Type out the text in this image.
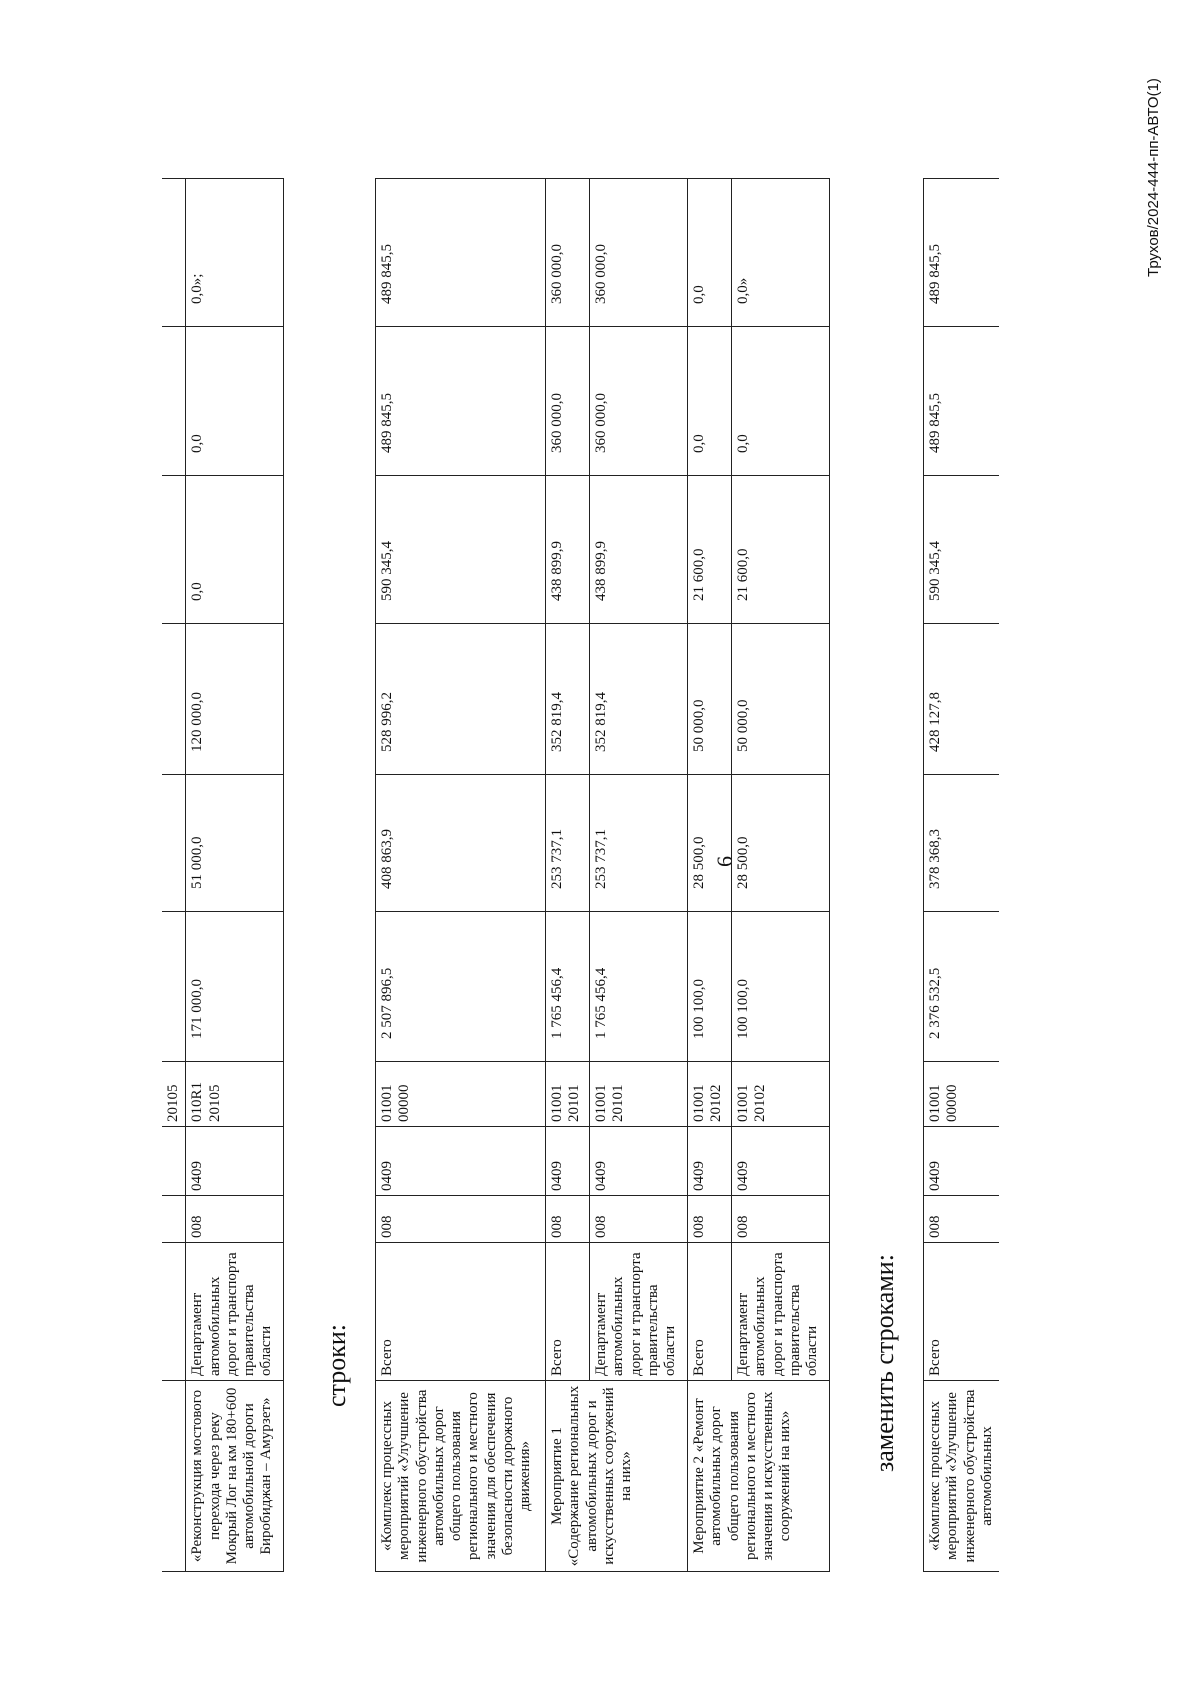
6
				20105						
«Реконструкция мостового перехода через реку Мокрый Лог на км 180+600 автомобильной дороги Биробиджан – Амурзет»	Департамент автомобильных дорог и транспорта правительства области	008	0409	010R1 20105	171 000,0	51 000,0	120 000,0	0,0	0,0	0,0»;
строки:
«Комплекс процессных мероприятий «Улучшение инженерного обустройства автомобильных дорог общего пользования регионального и местного значения для обеспечения безопасности дорожного движения»	Всего	008	0409	01001 00000	2 507 896,5	408 863,9	528 996,2	590 345,4	489 845,5	489 845,5
Мероприятие 1 «Содержание региональных автомобильных дорог и искусственных сооружений на них»	Всего	008	0409	01001 20101	1 765 456,4	253 737,1	352 819,4	438 899,9	360 000,0	360 000,0
	Департамент автомобильных дорог и транспорта правительства области	008	0409	01001 20101	1 765 456,4	253 737,1	352 819,4	438 899,9	360 000,0	360 000,0
Мероприятие 2 «Ремонт автомобильных дорог общего пользования регионального и местного значения и искусственных сооружений на них»	Всего	008	0409	01001 20102	100 100,0	28 500,0	50 000,0	21 600,0	0,0	0,0
	Департамент автомобильных дорог и транспорта правительства области	008	0409	01001 20102	100 100,0	28 500,0	50 000,0	21 600,0	0,0	0,0»
заменить строками:
«Комплекс процессных мероприятий «Улучшение инженерного обустройства автомобильных	Всего	008	0409	01001 00000	2 376 532,5	378 368,3	428 127,8	590 345,4	489 845,5	489 845,5	Трухов/2024-444-пп-АВТО(1)
